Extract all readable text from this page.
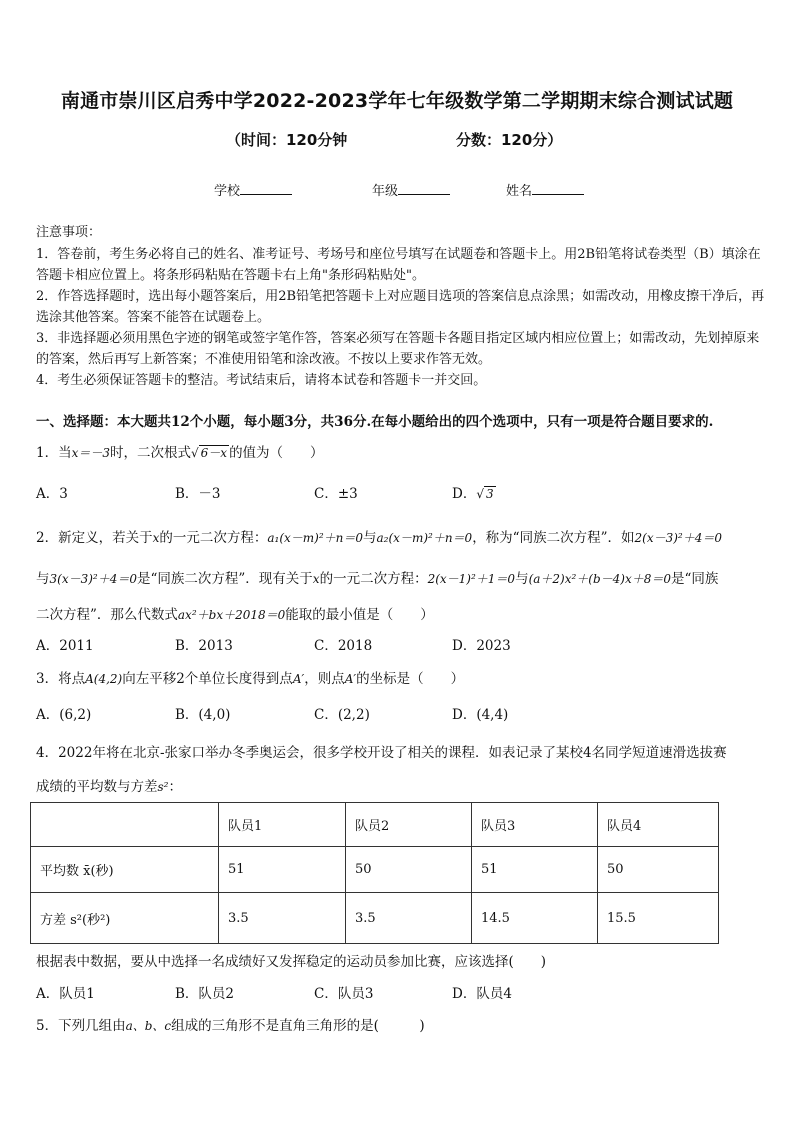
南通市崇川区启秀中学2022-2023学年七年级数学第二学期期末综合测试试题
（时间：120分钟	分数：120分）
学校	年级	姓名
注意事项：
1．答卷前，考生务必将自己的姓名、准考证号、考场号和座位号填写在试题卷和答题卡上。用2B铅笔将试卷类型（B）填涂在答题卡相应位置上。将条形码粘贴在答题卡右上角"条形码粘贴处"。
2．作答选择题时，选出每小题答案后，用2B铅笔把答题卡上对应题目选项的答案信息点涂黑；如需改动，用橡皮擦干净后，再选涂其他答案。答案不能答在试题卷上。
3．非选择题必须用黑色字迹的钢笔或签字笔作答，答案必须写在答题卡各题目指定区域内相应位置上；如需改动，先划掉原来的答案，然后再写上新答案；不准使用铅笔和涂改液。不按以上要求作答无效。
4．考生必须保证答题卡的整洁。考试结束后，请将本试卷和答题卡一并交回。
一、选择题：本大题共12个小题，每小题3分，共36分.在每小题给出的四个选项中，只有一项是符合题目要求的.
1．当x＝－3时，二次根式√ 6－x 的值为（　　）
A．3	B．－3	C．±3	D．√ 3
2．新定义，若关于x的一元二次方程：a₁(x－m)²＋n＝0与a₂(x－m)²＋n＝0，称为“同族二次方程”．如2(x－3)²＋4＝0
与3(x－3)²＋4＝0是“同族二次方程”．现有关于x的一元二次方程：2(x－1)²＋1＝0与(a＋2)x²＋(b－4)x＋8＝0是“同族
二次方程”．那么代数式ax²＋bx＋2018＝0能取的最小值是（　　）
A．2011	B．2013	C．2018	D．2023
3．将点A(4,2)向左平移2个单位长度得到点A′，则点A′的坐标是（　　）
A．(6,2)	B．(4,0)	C．(2,2)	D．(4,4)
4．2022年将在北京-张家口举办冬季奥运会，很多学校开设了相关的课程．如表记录了某校4名同学短道速滑选拔赛
成绩的平均数与方差s²：
	队员1	队员2	队员3	队员4
平均数 x̄(秒)	51	50	51	50
方差 s²(秒²)	3.5	3.5	14.5	15.5
根据表中数据，要从中选择一名成绩好又发挥稳定的运动员参加比赛，应该选择(　　)
A．队员1	B．队员2	C．队员3	D．队员4
5．下列几组由a、b、c组成的三角形不是直角三角形的是(　　　)
